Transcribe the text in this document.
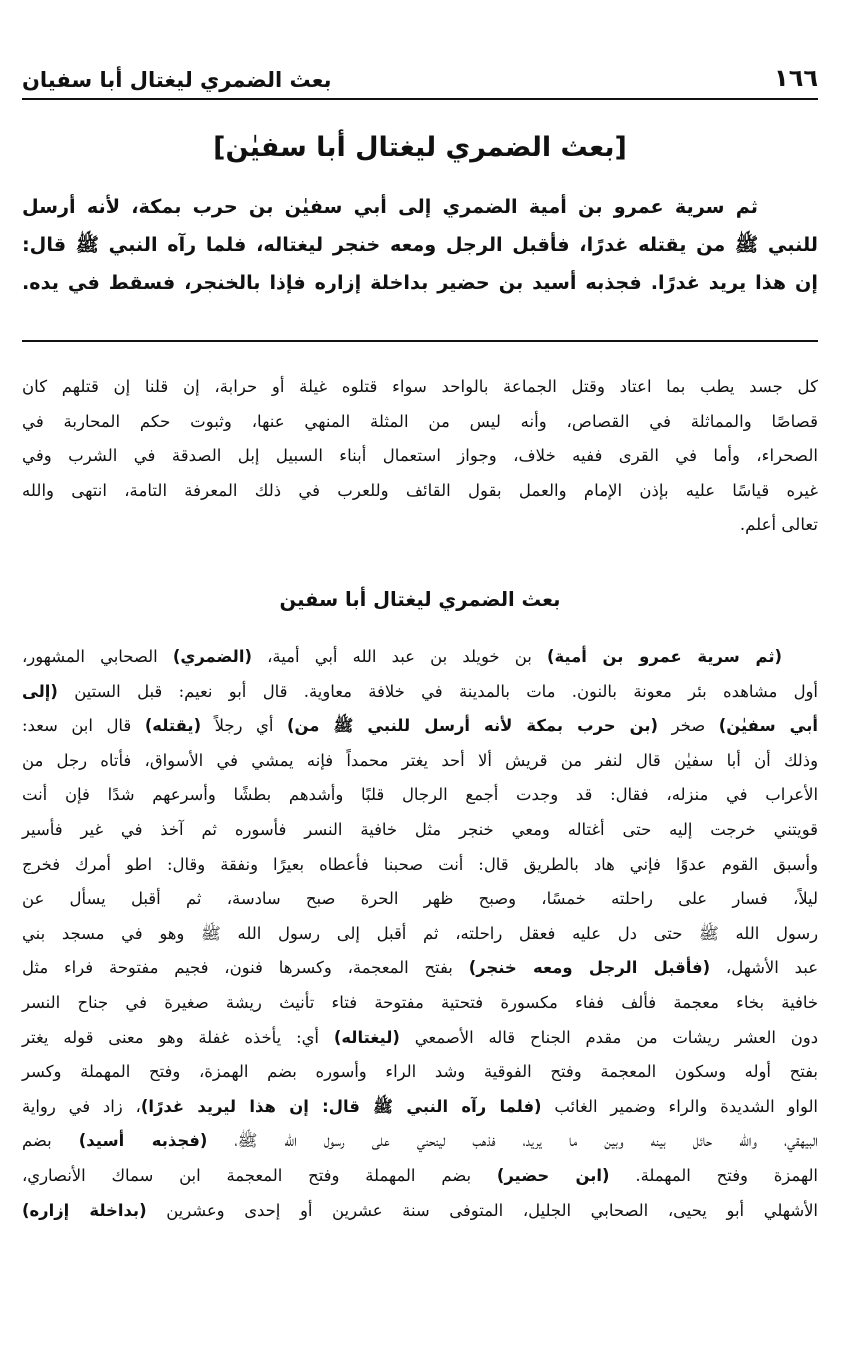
١٦٦
بعث الضمري ليغتال أبا سفيان
[بعث الضمري ليغتال أبا سفيٰن]
ثم سرية عمرو بن أمية الضمري إلى أبي سفيٰن بن حرب بمكة، لأنه أرسل
للنبي ﷺ من يقتله غدرًا، فأقبل الرجل ومعه خنجر ليغتاله، فلما رآه النبي ﷺ قال:
إن هذا يريد غدرًا. فجذبه أسيد بن حضير بداخلة إزاره فإذا بالخنجر، فسقط في يده.
كل جسد يطب بما اعتاد وقتل الجماعة بالواحد سواء قتلوه غيلة أو حرابة، إن قلنا إن قتلهم كان
قصاصًا والمماثلة في القصاص، وأنه ليس من المثلة المنهي عنها، وثبوت حكم المحاربة في
الصحراء، وأما في القرى ففيه خلاف، وجواز استعمال أبناء السبيل إبل الصدقة في الشرب وفي
غيره قياسًا عليه بإذن الإمام والعمل بقول القائف وللعرب في ذلك المعرفة التامة، انتهى والله
تعالى أعلم.
بعث الضمري ليغتال أبا سفين
(ثم سرية عمرو بن أمية) بن خويلد بن عبد الله أبي أمية، (الضمري) الصحابي المشهور،
أول مشاهده بئر معونة بالنون. مات بالمدينة في خلافة معاوية. قال أبو نعيم: قبل الستين (إلى
أبي سفيٰن) صخر (بن حرب بمكة لأنه أرسل للنبي ﷺ من) أي رجلاً (يقتله) قال ابن سعد:
وذلك أن أبا سفيٰن قال لنفر من قريش ألا أحد يغتر محمداً فإنه يمشي في الأسواق، فأتاه رجل من
الأعراب في منزله، فقال: قد وجدت أجمع الرجال قلبًا وأشدهم بطشًا وأسرعهم شدًا فإن أنت
قويتني خرجت إليه حتى أغتاله ومعي خنجر مثل خافية النسر فأسوره ثم آخذ في غير فأسير
وأسبق القوم عدوًا فإني هاد بالطريق قال: أنت صحبنا فأعطاه بعيرًا ونفقة وقال: اطو أمرك فخرج
ليلاً، فسار على راحلته خمسًا، وصبح ظهر الحرة صبح سادسة، ثم أقبل يسأل عن
رسول الله ﷺ حتى دل عليه فعقل راحلته، ثم أقبل إلى رسول الله ﷺ وهو في مسجد بني
عبد الأشهل، (فأقبل الرجل ومعه خنجر) بفتح المعجمة، وكسرها فنون، فجيم مفتوحة فراء مثل
خافية بخاء معجمة فألف ففاء مكسورة فتحتية مفتوحة فتاء تأنيث ريشة صغيرة في جناح النسر
دون العشر ريشات من مقدم الجناح قاله الأصمعي (ليغتاله) أي: يأخذه غفلة وهو معنى قوله يغتر
بفتح أوله وسكون المعجمة وفتح الفوقية وشد الراء وأسوره بضم الهمزة، وفتح المهملة وكسر
الواو الشديدة والراء وضمير الغائب (فلما رآه النبي ﷺ قال: إن هذا ليريد غدرًا)، زاد في رواية
البيهقي، والله حائل بينه وبين ما يريد، فذهب لينحني على رسول الله ﷺ، (فجذبه أسيد) بضم
الهمزة وفتح المهملة. (ابن حضير) بضم المهملة وفتح المعجمة ابن سماك الأنصاري،
الأشهلي أبو يحيى، الصحابي الجليل، المتوفى سنة عشرين أو إحدى وعشرين (بداخلة إزاره)
